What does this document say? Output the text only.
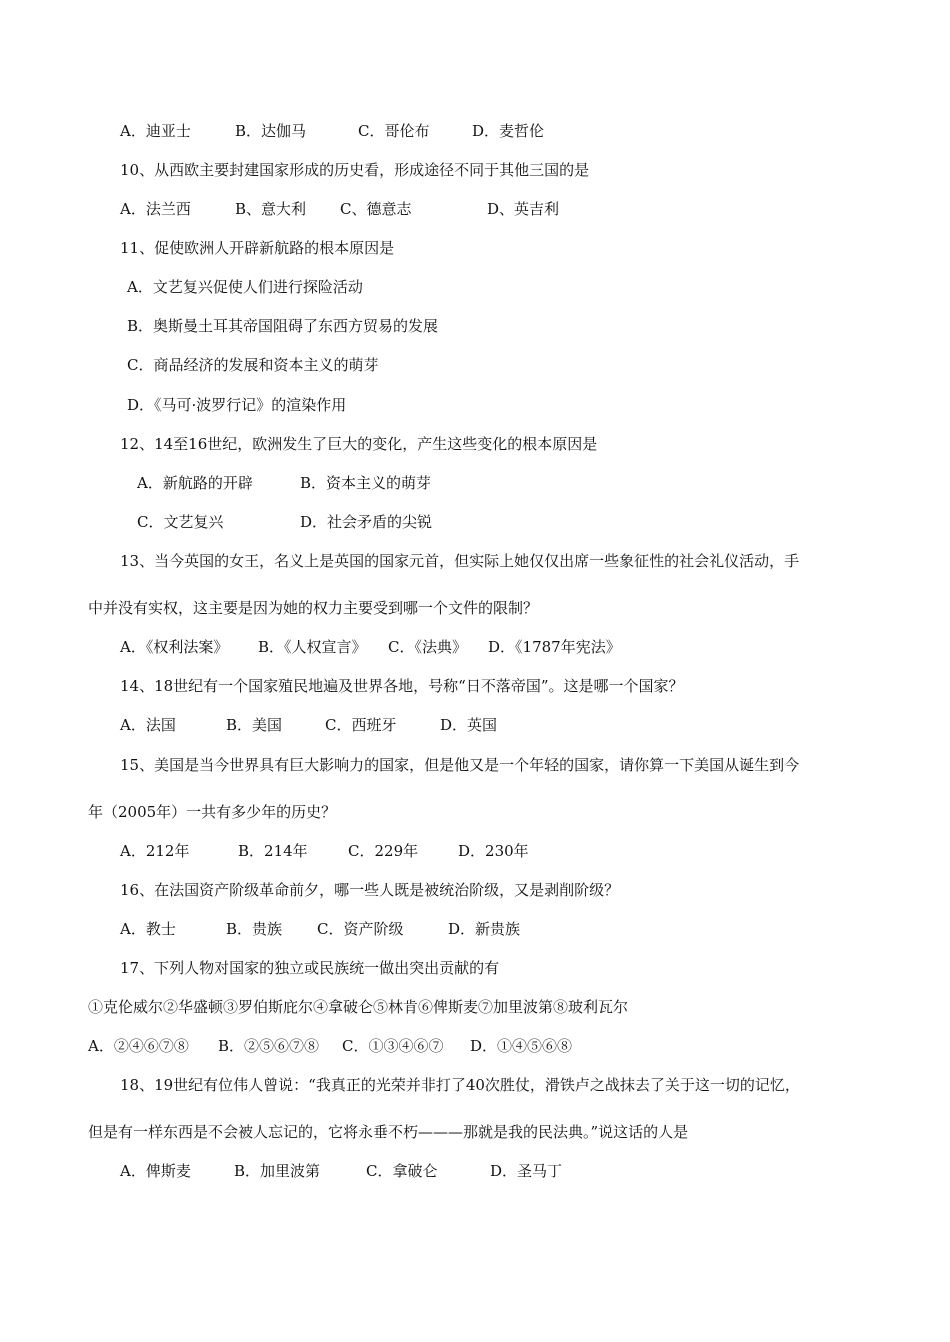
A．迪亚士	B．达伽马	C．哥伦布	D．麦哲伦
10、从西欧主要封建国家形成的历史看，形成途径不同于其他三国的是
A．法兰西	B、意大利 C、德意志	D、英吉利
11、促使欧洲人开辟新航路的根本原因是
A．文艺复兴促使人们进行探险活动
B．奥斯曼土耳其帝国阻碍了东西方贸易的发展
C．商品经济的发展和资本主义的萌芽
D．《马可·波罗行记》的渲染作用
12、14至16世纪，欧洲发生了巨大的变化，产生这些变化的根本原因是
A．新航路的开辟	B．资本主义的萌芽
C．文艺复兴	D．社会矛盾的尖锐
13、当今英国的女王，名义上是英国的国家元首，但实际上她仅仅出席一些象征性的社会礼仪活动，手
中并没有实权，这主要是因为她的权力主要受到哪一个文件的限制？
A．《权利法案》 B．《人权宣言》 C．《法典》 D．《1787年宪法》
14、18世纪有一个国家殖民地遍及世界各地，号称“日不落帝国”。这是哪一个国家？
A．法国	B．美国	C．西班牙	D．英国
15、美国是当今世界具有巨大影响力的国家，但是他又是一个年轻的国家，请你算一下美国从诞生到今
年（2005年）一共有多少年的历史？
A．212年	B．214年	C．229年	D．230年
16、在法国资产阶级革命前夕，哪一些人既是被统治阶级，又是剥削阶级？
A．教士	B．贵族 C．资产阶级	D．新贵族
17、下列人物对国家的独立或民族统一做出突出贡献的有
①克伦威尔②华盛顿③罗伯斯庇尔④拿破仑⑤林肯⑥俾斯麦⑦加里波第⑧玻利瓦尔
A．②④⑥⑦⑧ B．②⑤⑥⑦⑧ C．①③④⑥⑦ D．①④⑤⑥⑧
18、19世纪有位伟人曾说：“我真正的光荣并非打了40次胜仗，滑铁卢之战抹去了关于这一切的记忆，
但是有一样东西是不会被人忘记的，它将永垂不朽———那就是我的民法典。”说这话的人是
A．俾斯麦	B．加里波第	C．拿破仑	D．圣马丁
